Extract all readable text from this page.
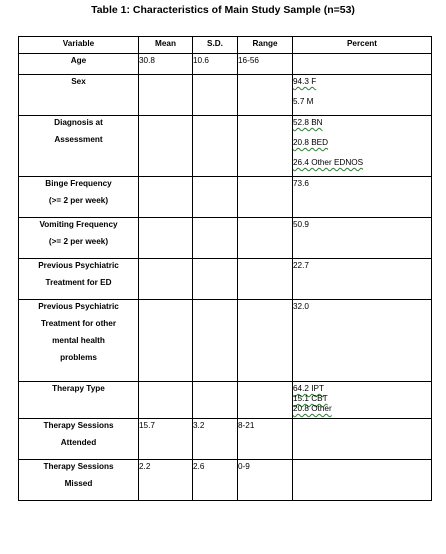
Table 1: Characteristics of Main Study Sample (n=53)
Variable	Mean	S.D.	Range	Percent

Age	30.8	10.6	16-56	

Sex				94.3 F
5.7 M

Diagnosis at
Assessment				52.8 BN
20.8 BED
26.4 Other EDNOS

Binge Frequency
(>= 2 per week)				73.6

Vomiting Frequency
(>= 2 per week)				50.9

Previous Psychiatric
Treatment for ED				22.7

Previous Psychiatric
Treatment for other
mental health
problems				32.0

Therapy Type				64.2 IPT
15.1 CBT
20.8 Other

Therapy Sessions
Attended	15.7	3.2	8-21	

Therapy Sessions
Missed	2.2	2.6	0-9	
